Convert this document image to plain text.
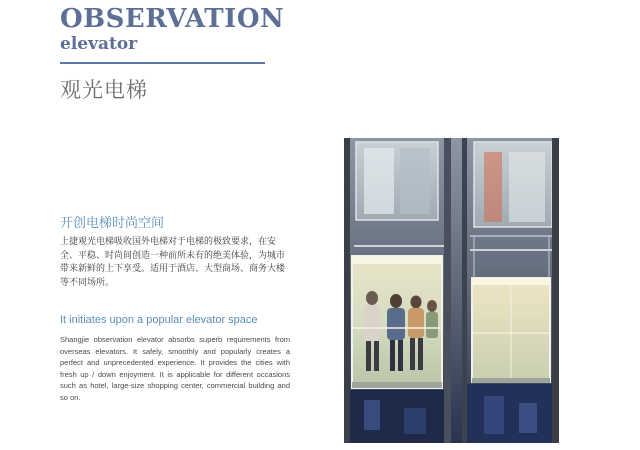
OBSERVATION
elevator
观光电梯
开创电梯时尚空间
上捷观光电梯吸收国外电梯对于电梯的极致要求，在安全、平稳、时尚间创造一种前所未有的绝美体验，为城市带来新鲜的上下享受。适用于酒店、大型商场、商务大楼等不同场所。
It initiates upon a popular elevator space
Shangjie observation elevator absorbs superb requirements from overseas elevators. It safely, smoothly and popularly creates a perfect and unprecedented experience. It provides the cities with fresh up / down enjoyment. It is applicable for different occasions such as hotel, large-size shopping center, commercial building and so on.
